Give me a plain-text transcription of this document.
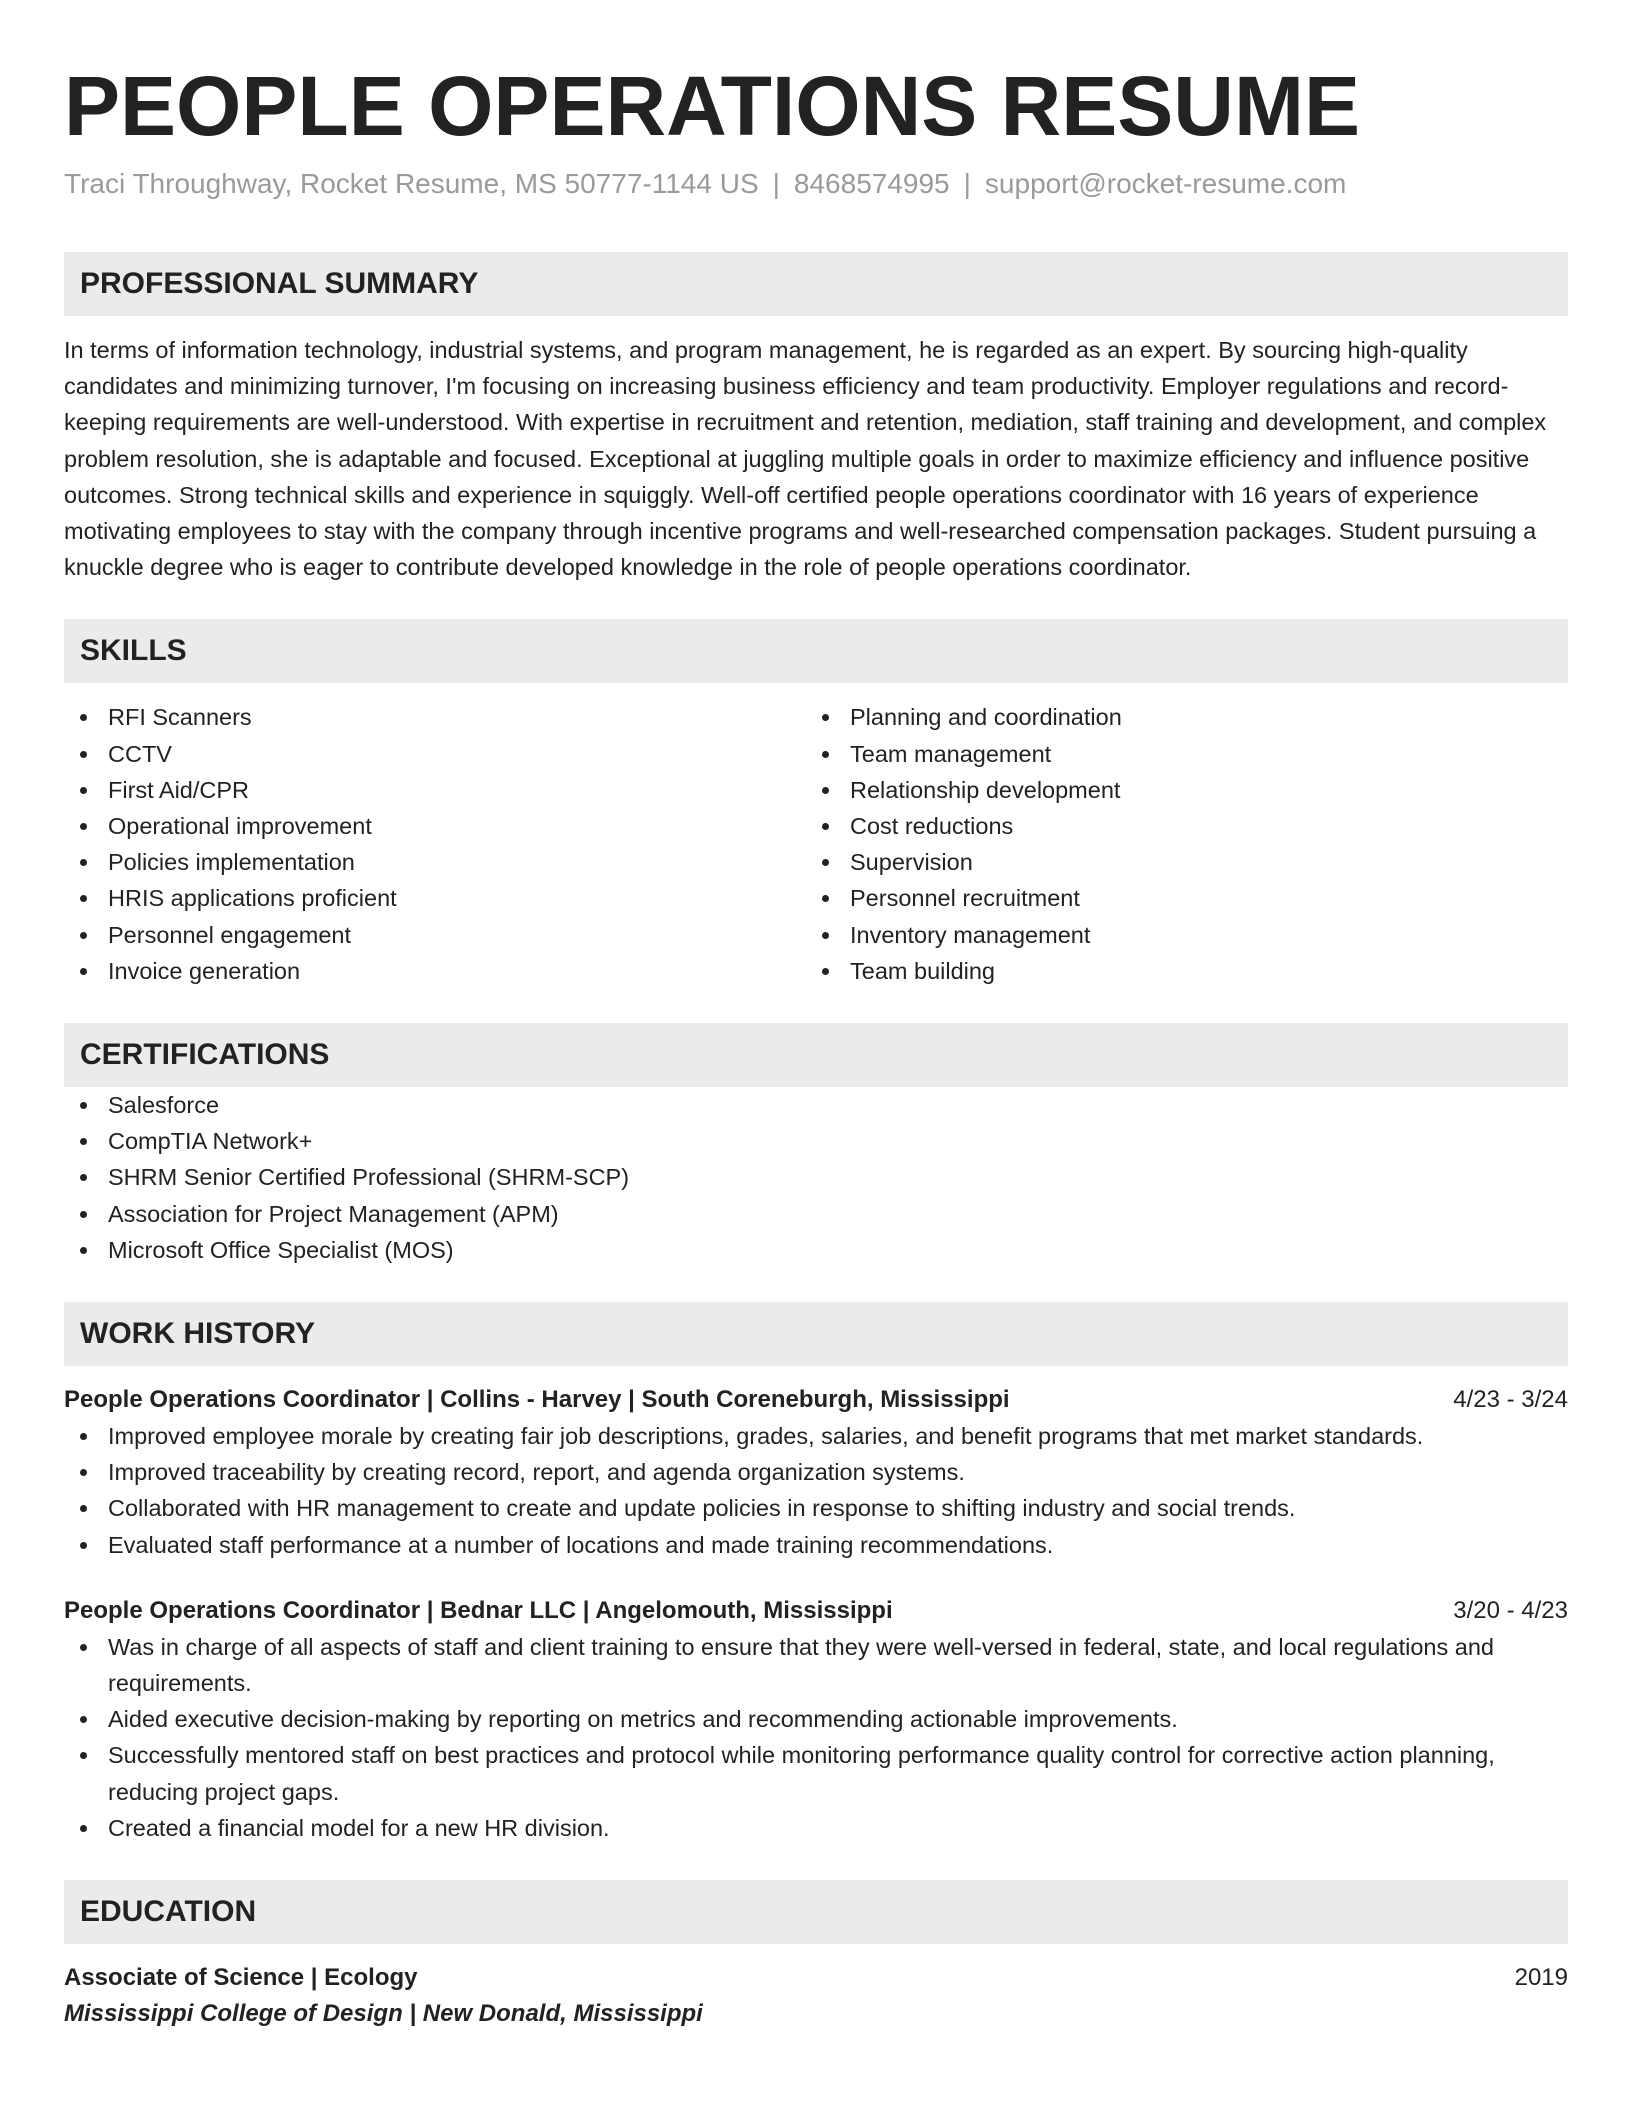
PEOPLE OPERATIONS RESUME
Traci Throughway, Rocket Resume, MS 50777-1144 US | 8468574995 | support@rocket-resume.com
PROFESSIONAL SUMMARY

In terms of information technology, industrial systems, and program management, he is regarded as an expert. By sourcing high-quality candidates and minimizing turnover, I'm focusing on increasing business efficiency and team productivity. Employer regulations and record-keeping requirements are well-understood. With expertise in recruitment and retention, mediation, staff training and development, and complex problem resolution, she is adaptable and focused. Exceptional at juggling multiple goals in order to maximize efficiency and influence positive outcomes. Strong technical skills and experience in squiggly. Well-off certified people operations coordinator with 16 years of experience motivating employees to stay with the company through incentive programs and well-researched compensation packages. Student pursuing a knuckle degree who is eager to contribute developed knowledge in the role of people operations coordinator.

SKILLS
RFI Scanners
CCTV
First Aid/CPR
Operational improvement
Policies implementation
HRIS applications proficient
Personnel engagement
Invoice generation
Planning and coordination
Team management
Relationship development
Cost reductions
Supervision
Personnel recruitment
Inventory management
Team building
CERTIFICATIONS
Salesforce
CompTIA Network+
SHRM Senior Certified Professional (SHRM-SCP)
Association for Project Management (APM)
Microsoft Office Specialist (MOS)
WORK HISTORY
People Operations Coordinator | Collins - Harvey | South Coreneburgh, Mississippi	4/23 - 3/24
Improved employee morale by creating fair job descriptions, grades, salaries, and benefit programs that met market standards.
Improved traceability by creating record, report, and agenda organization systems.
Collaborated with HR management to create and update policies in response to shifting industry and social trends.
Evaluated staff performance at a number of locations and made training recommendations.
People Operations Coordinator | Bednar LLC | Angelomouth, Mississippi	3/20 - 4/23
Was in charge of all aspects of staff and client training to ensure that they were well-versed in federal, state, and local regulations and requirements.
Aided executive decision-making by reporting on metrics and recommending actionable improvements.
Successfully mentored staff on best practices and protocol while monitoring performance quality control for corrective action planning, reducing project gaps.
Created a financial model for a new HR division.
EDUCATION
Associate of Science | Ecology	2019
Mississippi College of Design | New Donald, Mississippi
